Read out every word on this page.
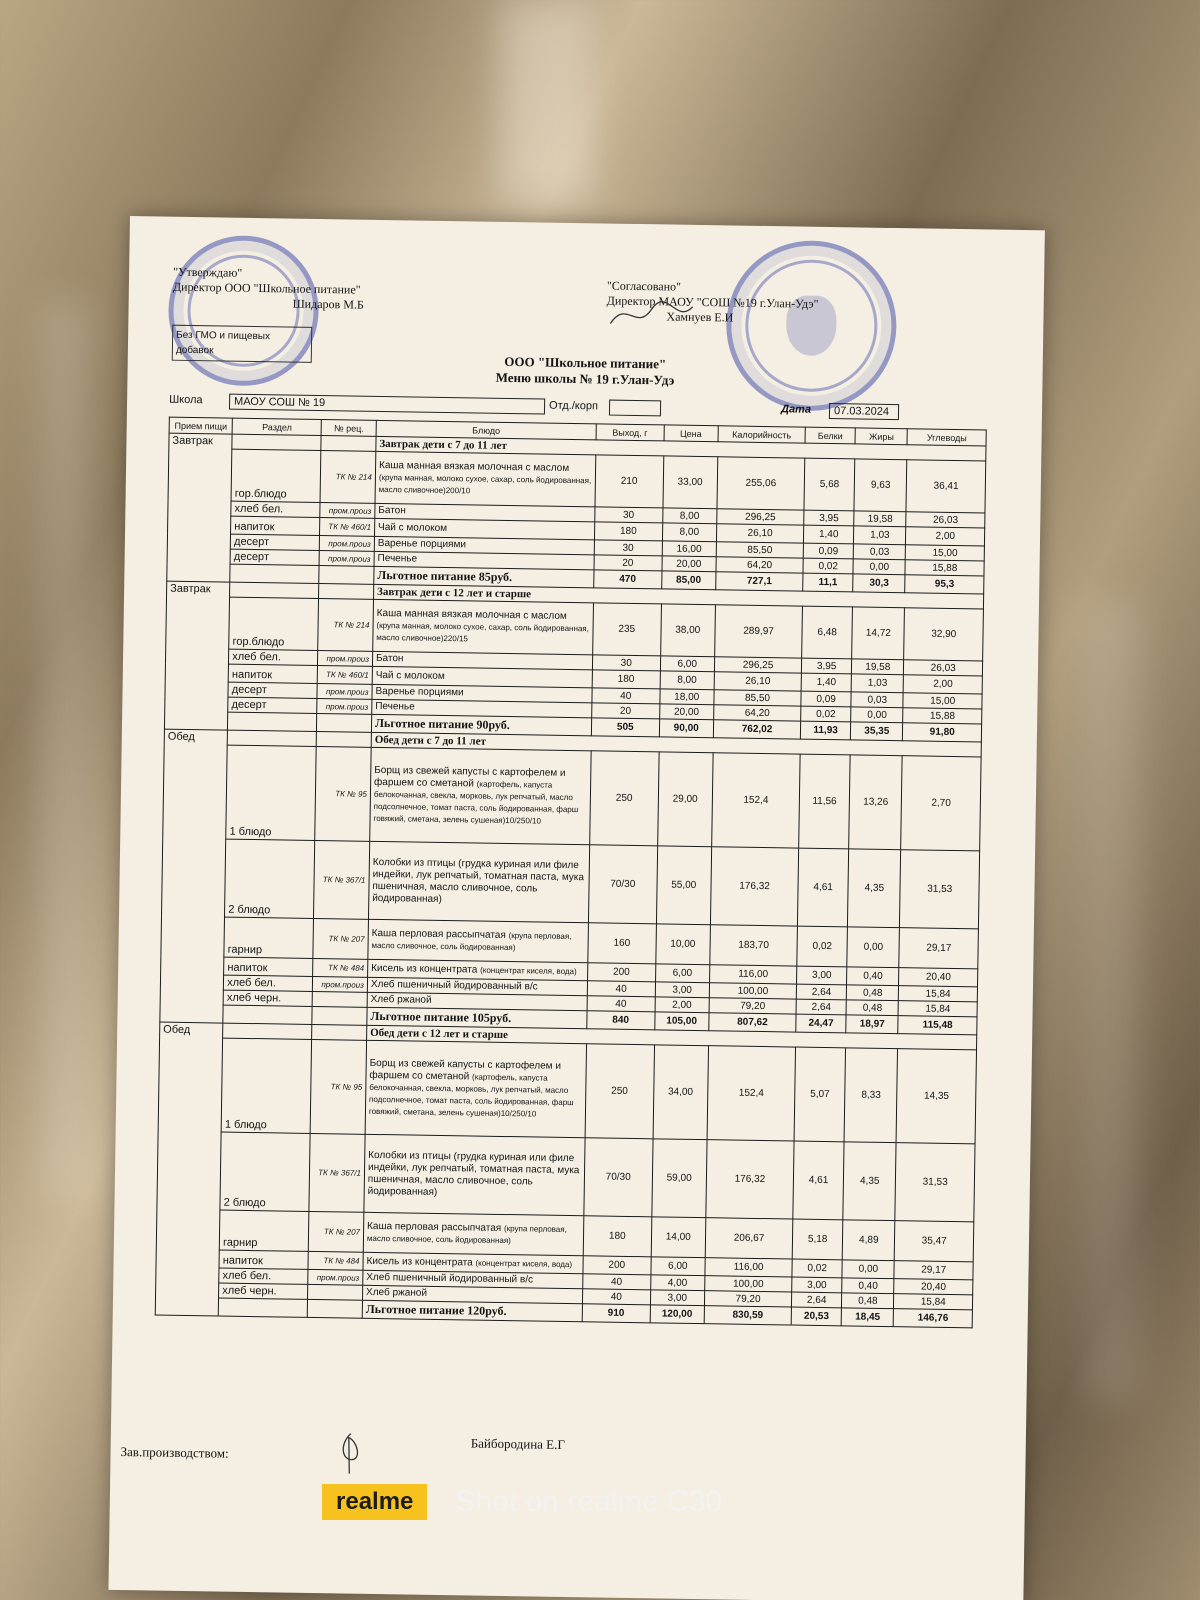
"Утверждаю"
Директор ООО "Школьное питание"
Шидаров М.Б
Без ГМО и пищевых
добавок
"Согласовано"
Директор МАОУ "СОШ №19 г.Улан-Удэ"
Хамнуев Е.И
ООО "Школьное питание"
Меню школы № 19 г.Улан-Удэ
Школа	МАОУ СОШ № 19	Отд./корп	Дата	07.03.2024
Прием пищи	Раздел	№ рец.	Блюдо	Выход, г	Цена	Калорийность	Белки	Жиры	Углеводы
Завтрак			Завтрак дети с 7 до 11 лет						
	гор.блюдо	ТК № 214	Каша манная вязкая молочная с маслом (крупа манная, молоко сухое, сахар, соль йодированная, масло сливочное)200/10	210	33,00	255,06	5,68	9,63	36,41
	хлеб бел.	пром.произ	Батон	30	8,00	296,25	3,95	19,58	26,03
	напиток	ТК № 460/1	Чай с молоком	180	8,00	26,10	1,40	1,03	2,00
	десерт	пром.произ	Варенье порциями	30	16,00	85,50	0,09	0,03	15,00
	десерт	пром.произ	Печенье	20	20,00	64,20	0,02	0,00	15,88
			Льготное питание 85руб.	470	85,00	727,1	11,1	30,3	95,3
Завтрак			Завтрак дети с 12 лет и старше						
	гор.блюдо	ТК № 214	Каша манная вязкая молочная с маслом (крупа манная, молоко сухое, сахар, соль йодированная, масло сливочное)220/15	235	38,00	289,97	6,48	14,72	32,90
	хлеб бел.	пром.произ	Батон	30	6,00	296,25	3,95	19,58	26,03
	напиток	ТК № 460/1	Чай с молоком	180	8,00	26,10	1,40	1,03	2,00
	десерт	пром.произ	Варенье порциями	40	18,00	85,50	0,09	0,03	15,00
	десерт	пром.произ	Печенье	20	20,00	64,20	0,02	0,00	15,88
			Льготное питание 90руб.	505	90,00	762,02	11,93	35,35	91,80
Обед			Обед дети с 7 до 11 лет						
	1 блюдо	ТК № 95	Борщ из свежей капусты с картофелем и фаршем со сметаной (картофель, капуста белокочанная, свекла, морковь, лук репчатый, масло подсолнечное, томат паста, соль йодированная, фарш говяжий, сметана, зелень сушеная)10/250/10	250	29,00	152,4	11,56	13,26	2,70
	2 блюдо	ТК № 367/1	Колобки из птицы (грудка куриная или филе индейки, лук репчатый, томатная паста, мука пшеничная, масло сливочное, соль йодированная)	70/30	55,00	176,32	4,61	4,35	31,53
	гарнир	ТК № 207	Каша перловая рассыпчатая (крупа перловая, масло сливочное, соль йодированная)	160	10,00	183,70	0,02	0,00	29,17
	напиток	ТК № 484	Кисель из концентрата (концентрат киселя, вода)	200	6,00	116,00	3,00	0,40	20,40
	хлеб бел.	пром.произ	Хлеб пшеничный йодированный в/с	40	3,00	100,00	2,64	0,48	15,84
	хлеб черн.		Хлеб ржаной	40	2,00	79,20	2,64	0,48	15,84
			Льготное питание 105руб.	840	105,00	807,62	24,47	18,97	115,48
Обед			Обед дети с 12 лет и старше						
	1 блюдо	ТК № 95	Борщ из свежей капусты с картофелем и фаршем со сметаной (картофель, капуста белокочанная, свекла, морковь, лук репчатый, масло подсолнечное, томат паста, соль йодированная, фарш говяжий, сметана, зелень сушеная)10/250/10	250	34,00	152,4	5,07	8,33	14,35
	2 блюдо	ТК № 367/1	Колобки из птицы (грудка куриная или филе индейки, лук репчатый, томатная паста, мука пшеничная, масло сливочное, соль йодированная)	70/30	59,00	176,32	4,61	4,35	31,53
	гарнир	ТК № 207	Каша перловая рассыпчатая (крупа перловая, масло сливочное, соль йодированная)	180	14,00	206,67	5,18	4,89	35,47
	напиток	ТК № 484	Кисель из концентрата (концентрат киселя, вода)	200	6,00	116,00	0,02	0,00	29,17
	хлеб бел.	пром.произ	Хлеб пшеничный йодированный в/с	40	4,00	100,00	3,00	0,40	20,40
	хлеб черн.		Хлеб ржаной	40	3,00	79,20	2,64	0,48	15,84
			Льготное питание 120руб.	910	120,00	830,59	20,53	18,45	146,76
Зав.производством:
Байбородина Е.Г
realme	Shot on realme C30
